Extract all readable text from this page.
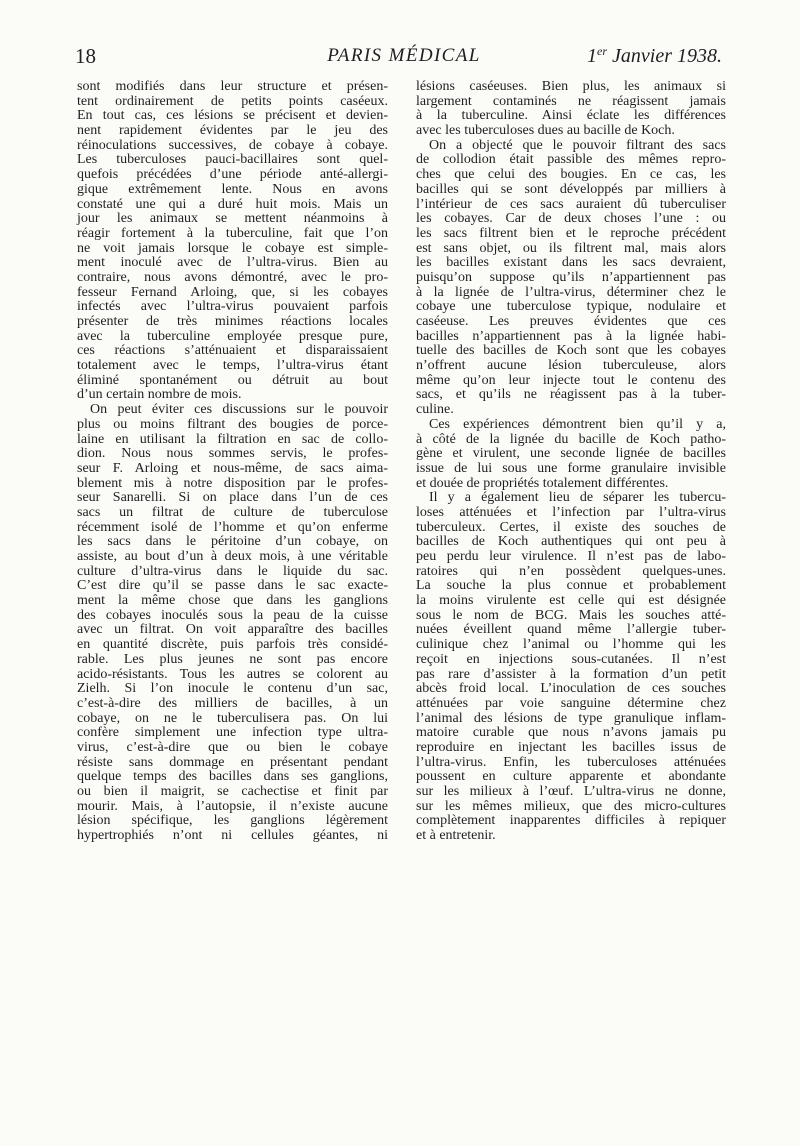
18	PARIS MÉDICAL	1er Janvier 1938.
sont modifiés dans leur structure et présen-
tent ordinairement de petits points caséeux.
En tout cas, ces lésions se précisent et devien-
nent rapidement évidentes par le jeu des
réinoculations successives, de cobaye à cobaye.
Les tuberculoses pauci-bacillaires sont quel-
quefois précédées d’une période anté-allergi-
gique extrêmement lente. Nous en avons
constaté une qui a duré huit mois. Mais un
jour les animaux se mettent néanmoins à
réagir fortement à la tuberculine, fait que l’on
ne voit jamais lorsque le cobaye est simple-
ment inoculé avec de l’ultra-virus. Bien au
contraire, nous avons démontré, avec le pro-
fesseur Fernand Arloing, que, si les cobayes
infectés avec l’ultra-virus pouvaient parfois
présenter de très minimes réactions locales
avec la tuberculine employée presque pure,
ces réactions s’atténuaient et disparaissaient
totalement avec le temps, l’ultra-virus étant
éliminé spontanément ou détruit au bout
d’un certain nombre de mois.
On peut éviter ces discussions sur le pouvoir
plus ou moins filtrant des bougies de porce-
laine en utilisant la filtration en sac de collo-
dion. Nous nous sommes servis, le profes-
seur F. Arloing et nous-même, de sacs aima-
blement mis à notre disposition par le profes-
seur Sanarelli. Si on place dans l’un de ces
sacs un filtrat de culture de tuberculose
récemment isolé de l’homme et qu’on enferme
les sacs dans le péritoine d’un cobaye, on
assiste, au bout d’un à deux mois, à une véritable
culture d’ultra-virus dans le liquide du sac.
C’est dire qu’il se passe dans le sac exacte-
ment la même chose que dans les ganglions
des cobayes inoculés sous la peau de la cuisse
avec un filtrat. On voit apparaître des bacilles
en quantité discrète, puis parfois très considé-
rable. Les plus jeunes ne sont pas encore
acido-résistants. Tous les autres se colorent au
Zielh. Si l’on inocule le contenu d’un sac,
c’est-à-dire des milliers de bacilles, à un
cobaye, on ne le tuberculisera pas. On lui
confère simplement une infection type ultra-
virus, c’est-à-dire que ou bien le cobaye
résiste sans dommage en présentant pendant
quelque temps des bacilles dans ses ganglions,
ou bien il maigrit, se cachectise et finit par
mourir. Mais, à l’autopsie, il n’existe aucune
lésion spécifique, les ganglions légèrement
hypertrophiés n’ont ni cellules géantes, ni
lésions caséeuses. Bien plus, les animaux si
largement contaminés ne réagissent jamais
à la tuberculine. Ainsi éclate les différences
avec les tuberculoses dues au bacille de Koch.
On a objecté que le pouvoir filtrant des sacs
de collodion était passible des mêmes repro-
ches que celui des bougies. En ce cas, les
bacilles qui se sont développés par milliers à
l’intérieur de ces sacs auraient dû tuberculiser
les cobayes. Car de deux choses l’une : ou
les sacs filtrent bien et le reproche précédent
est sans objet, ou ils filtrent mal, mais alors
les bacilles existant dans les sacs devraient,
puisqu’on suppose qu’ils n’appartiennent pas
à la lignée de l’ultra-virus, déterminer chez le
cobaye une tuberculose typique, nodulaire et
caséeuse. Les preuves évidentes que ces
bacilles n’appartiennent pas à la lignée habi-
tuelle des bacilles de Koch sont que les cobayes
n’offrent aucune lésion tuberculeuse, alors
même qu’on leur injecte tout le contenu des
sacs, et qu’ils ne réagissent pas à la tuber-
culine.
Ces expériences démontrent bien qu’il y a,
à côté de la lignée du bacille de Koch patho-
gène et virulent, une seconde lignée de bacilles
issue de lui sous une forme granulaire invisible
et douée de propriétés totalement différentes.
Il y a également lieu de séparer les tubercu-
loses atténuées et l’infection par l’ultra-virus
tuberculeux. Certes, il existe des souches de
bacilles de Koch authentiques qui ont peu à
peu perdu leur virulence. Il n’est pas de labo-
ratoires qui n’en possèdent quelques-unes.
La souche la plus connue et probablement
la moins virulente est celle qui est désignée
sous le nom de BCG. Mais les souches atté-
nuées éveillent quand même l’allergie tuber-
culinique chez l’animal ou l’homme qui les
reçoit en injections sous-cutanées. Il n’est
pas rare d’assister à la formation d’un petit
abcès froid local. L’inoculation de ces souches
atténuées par voie sanguine détermine chez
l’animal des lésions de type granulique inflam-
matoire curable que nous n’avons jamais pu
reproduire en injectant les bacilles issus de
l’ultra-virus. Enfin, les tuberculoses atténuées
poussent en culture apparente et abondante
sur les milieux à l’œuf. L’ultra-virus ne donne,
sur les mêmes milieux, que des micro-cultures
complètement inapparentes difficiles à repiquer
et à entretenir.
